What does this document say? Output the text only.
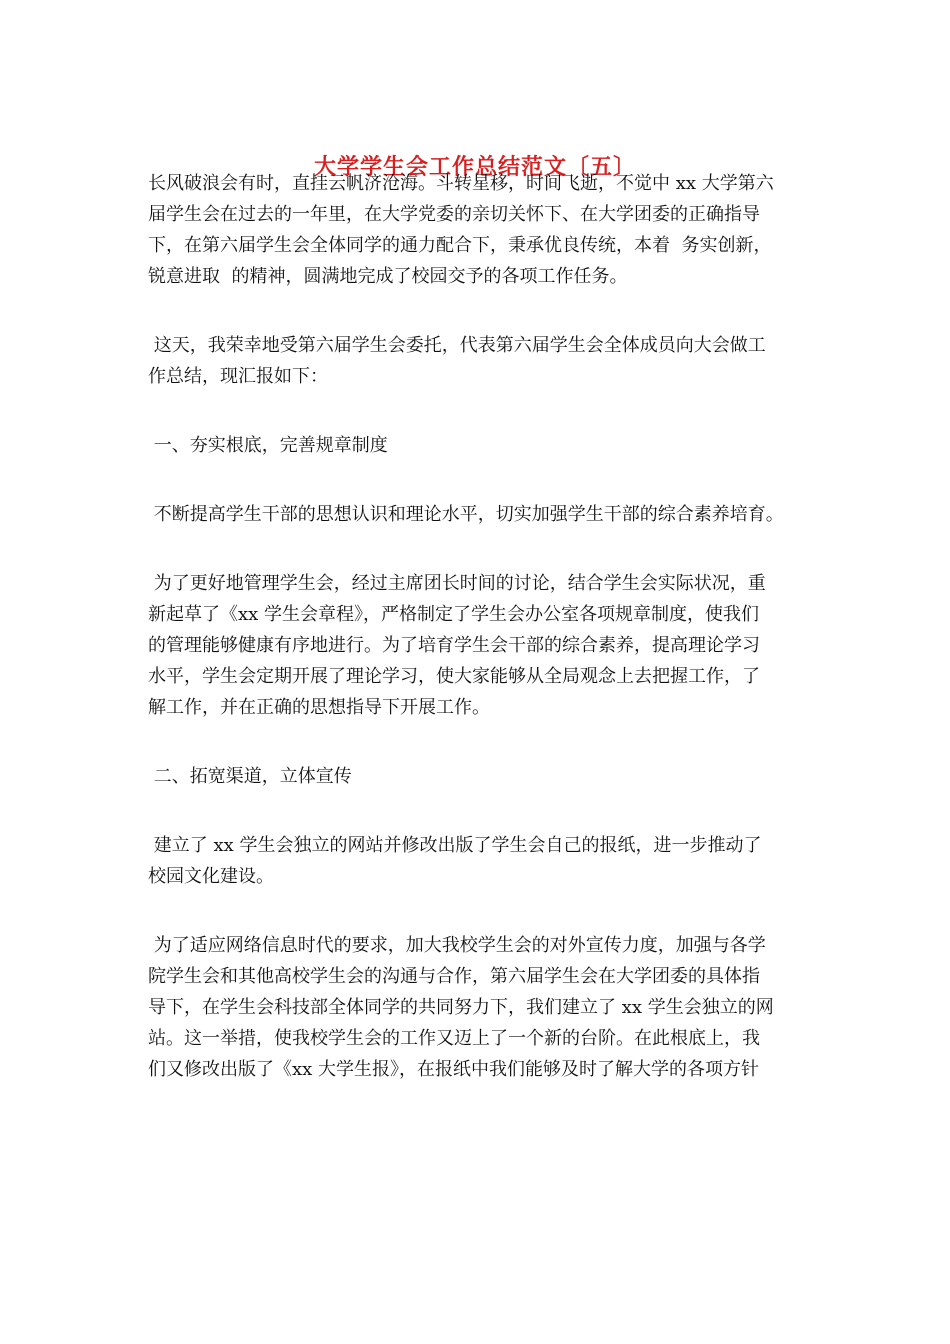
大学学生会工作总结范文〔五〕
长风破浪会有时，直挂云帆济沧海。斗转星移，时间飞逝，不觉中 xx 大学第六
届学生会在过去的一年里，在大学党委的亲切关怀下、在大学团委的正确指导
下，在第六届学生会全体同学的通力配合下，秉承优良传统，本着  务实创新，
锐意进取  的精神，圆满地完成了校园交予的各项工作任务。
这天，我荣幸地受第六届学生会委托，代表第六届学生会全体成员向大会做工
作总结，现汇报如下：
一、夯实根底，完善规章制度
不断提高学生干部的思想认识和理论水平，切实加强学生干部的综合素养培育。
为了更好地管理学生会，经过主席团长时间的讨论，结合学生会实际状况，重
新起草了《xx 学生会章程》，严格制定了学生会办公室各项规章制度，使我们
的管理能够健康有序地进行。为了培育学生会干部的综合素养，提高理论学习
水平，学生会定期开展了理论学习，使大家能够从全局观念上去把握工作，了
解工作，并在正确的思想指导下开展工作。
二、拓宽渠道，立体宣传
建立了 xx 学生会独立的网站并修改出版了学生会自己的报纸，进一步推动了
校园文化建设。
为了适应网络信息时代的要求，加大我校学生会的对外宣传力度，加强与各学
院学生会和其他高校学生会的沟通与合作，第六届学生会在大学团委的具体指
导下，在学生会科技部全体同学的共同努力下，我们建立了 xx 学生会独立的网
站。这一举措，使我校学生会的工作又迈上了一个新的台阶。在此根底上，我
们又修改出版了《xx 大学生报》，在报纸中我们能够及时了解大学的各项方针
